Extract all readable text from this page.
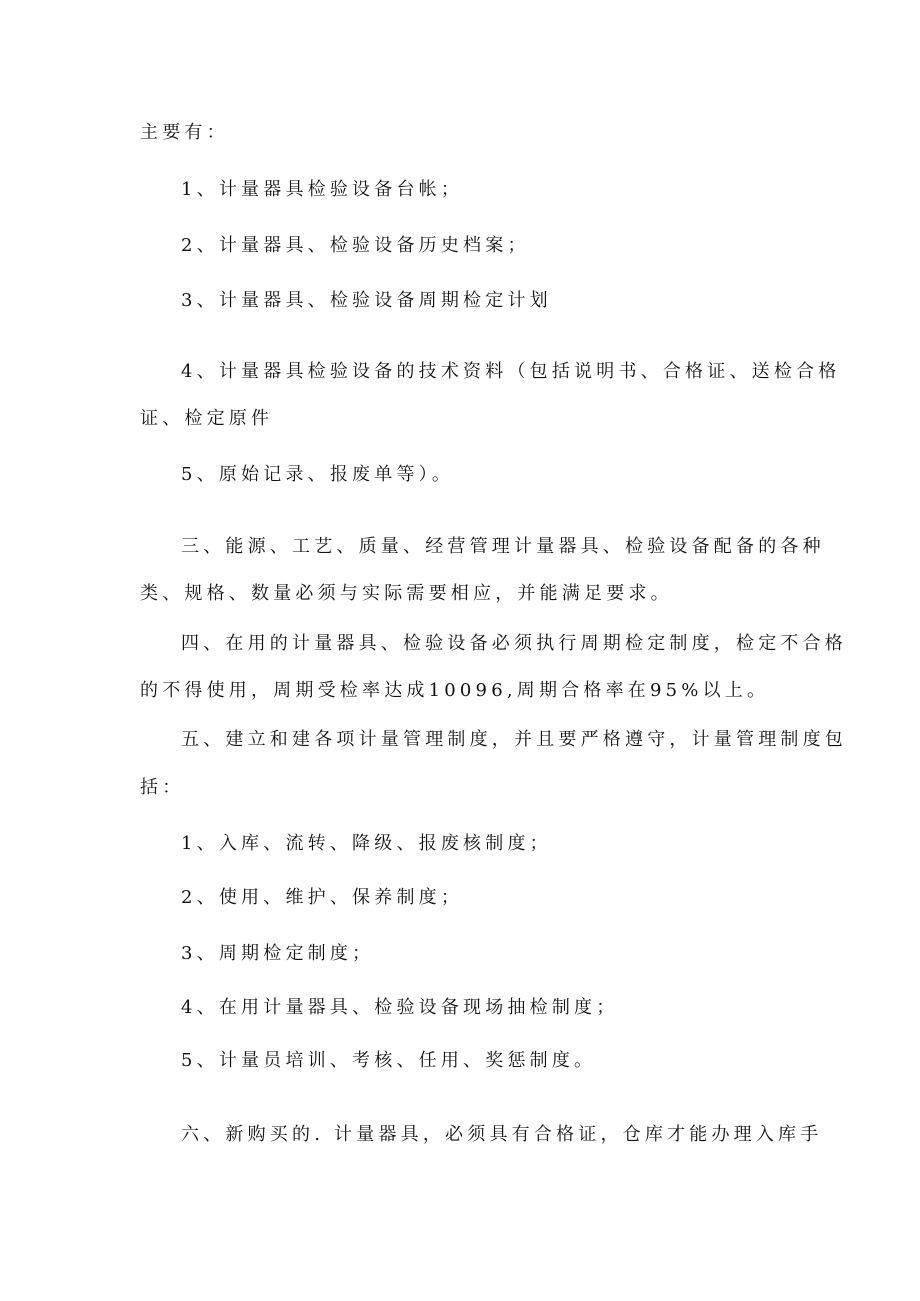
主要有：

1、计量器具检验设备台帐；

2、计量器具、检验设备历史档案；

3、计量器具、检验设备周期检定计划

4、计量器具检验设备的技术资料（包括说明书、合格证、送检合格

证、检定原件

5、原始记录、报废单等）。

三、能源、工艺、质量、经营管理计量器具、检验设备配备的各种

类、规格、数量必须与实际需要相应，并能满足要求。

四、在用的计量器具、检验设备必须执行周期检定制度，检定不合格

的不得使用，周期受检率达成10096,周期合格率在95%以上。

五、建立和建各项计量管理制度，并且要严格遵守，计量管理制度包

括：

1、入库、流转、降级、报废核制度；

2、使用、维护、保养制度；

3、周期检定制度；

4、在用计量器具、检验设备现场抽检制度；

5、计量员培训、考核、任用、奖惩制度。

六、新购买的. 计量器具，必须具有合格证，仓库才能办理入库手
